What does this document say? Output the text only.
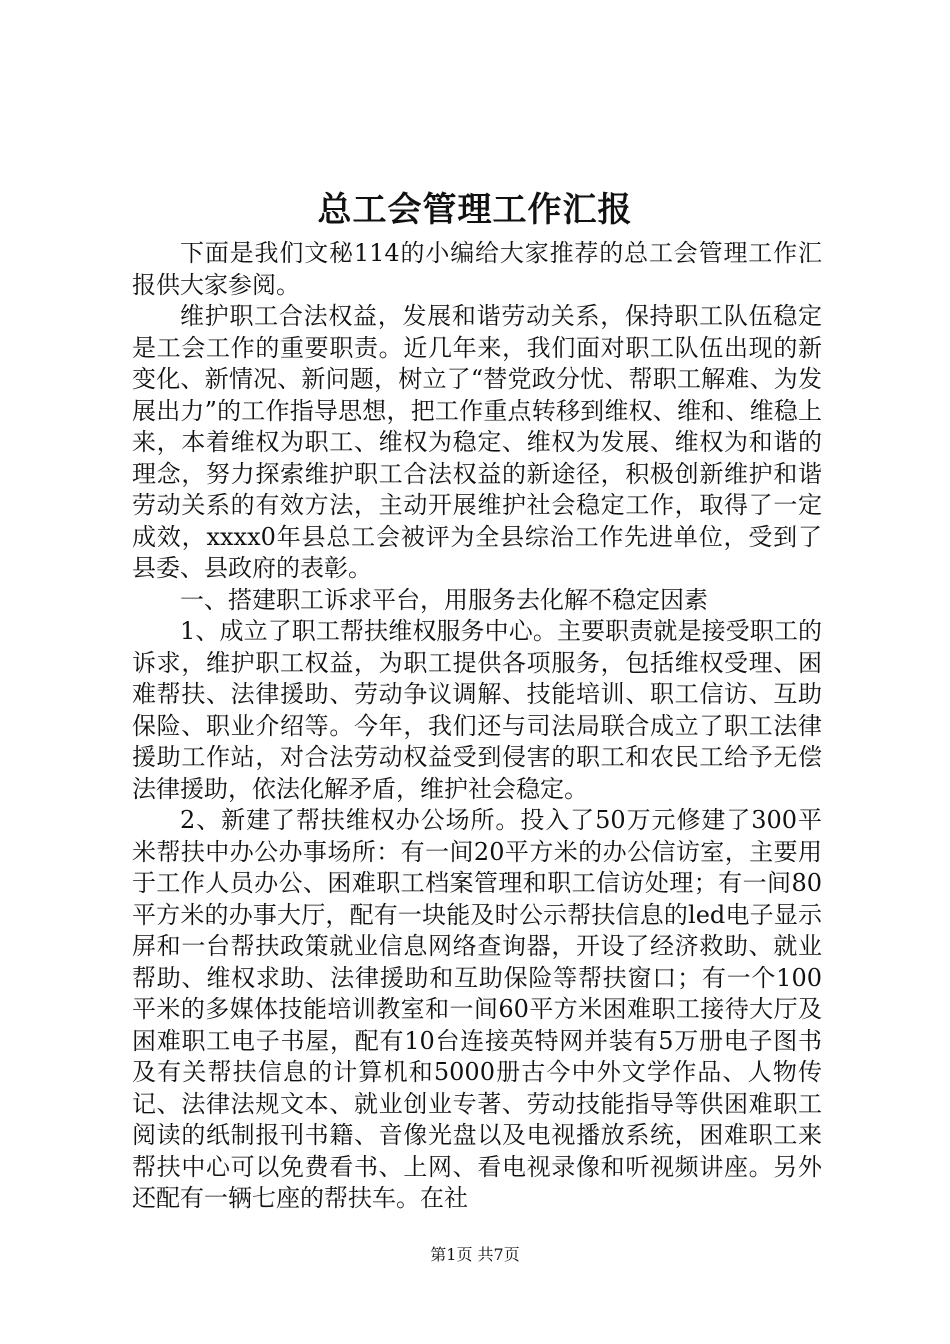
总工会管理工作汇报

下面是我们文秘114的小编给大家推荐的总工会管理工作汇报供大家参阅。

维护职工合法权益，发展和谐劳动关系，保持职工队伍稳定是工会工作的重要职责。近几年来，我们面对职工队伍出现的新变化、新情况、新问题，树立了“替党政分忧、帮职工解难、为发展出力”的工作指导思想，把工作重点转移到维权、维和、维稳上来，本着维权为职工、维权为稳定、维权为发展、维权为和谐的理念，努力探索维护职工合法权益的新途径，积极创新维护和谐劳动关系的有效方法，主动开展维护社会稳定工作，取得了一定成效，xxxx0年县总工会被评为全县综治工作先进单位，受到了县委、县政府的表彰。

一、搭建职工诉求平台，用服务去化解不稳定因素

1、成立了职工帮扶维权服务中心。主要职责就是接受职工的诉求，维护职工权益，为职工提供各项服务，包括维权受理、困难帮扶、法律援助、劳动争议调解、技能培训、职工信访、互助保险、职业介绍等。今年，我们还与司法局联合成立了职工法律援助工作站，对合法劳动权益受到侵害的职工和农民工给予无偿法律援助，依法化解矛盾，维护社会稳定。

2、新建了帮扶维权办公场所。投入了50万元修建了300平米帮扶中办公办事场所：有一间20平方米的办公信访室，主要用于工作人员办公、困难职工档案管理和职工信访处理；有一间80平方米的办事大厅，配有一块能及时公示帮扶信息的led电子显示屏和一台帮扶政策就业信息网络查询器，开设了经济救助、就业帮助、维权求助、法律援助和互助保险等帮扶窗口；有一个100平米的多媒体技能培训教室和一间60平方米困难职工接待大厅及困难职工电子书屋，配有10台连接英特网并装有5万册电子图书及有关帮扶信息的计算机和5000册古今中外文学作品、人物传记、法律法规文本、就业创业专著、劳动技能指导等供困难职工阅读的纸制报刊书籍、音像光盘以及电视播放系统，困难职工来帮扶中心可以免费看书、上网、看电视录像和听视频讲座。另外还配有一辆七座的帮扶车。在社

第1页 共7页
